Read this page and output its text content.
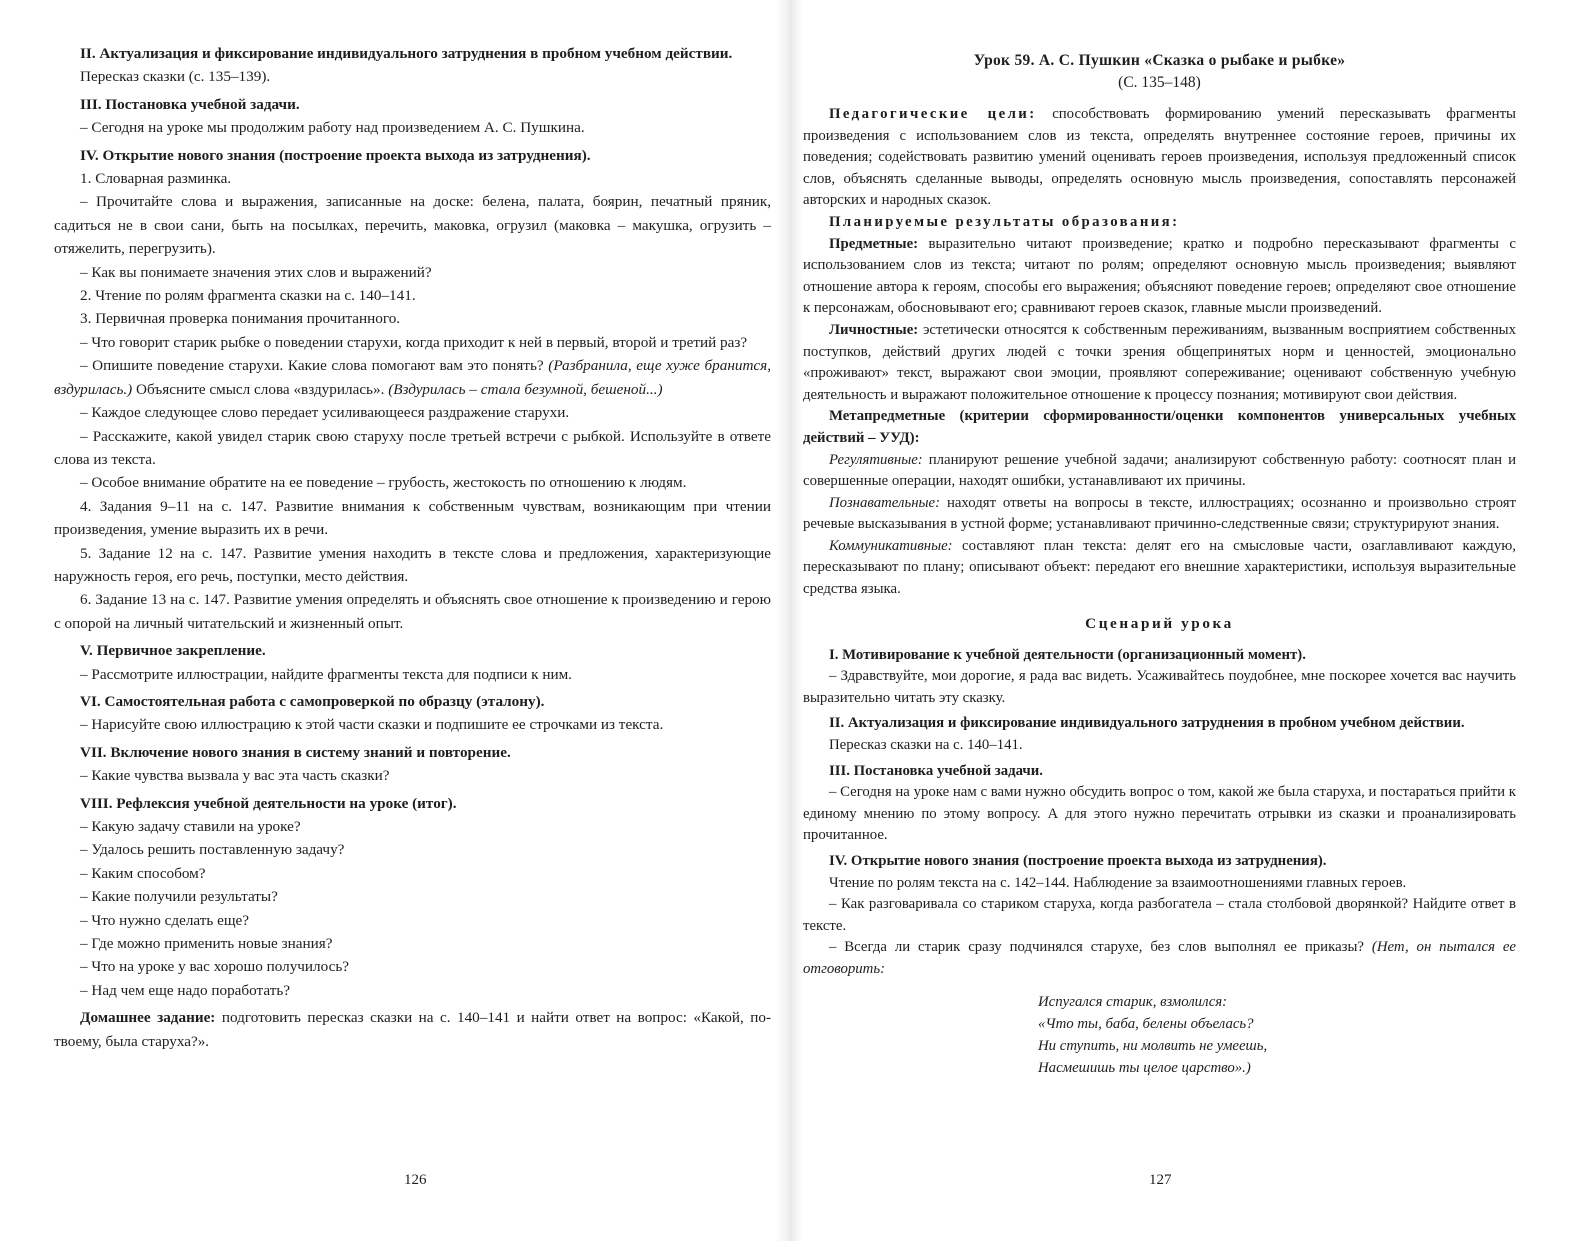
II. Актуализация и фиксирование индивидуального затруднения в пробном учебном действии.

Пересказ сказки (с. 135–139).

III. Постановка учебной задачи.

– Сегодня на уроке мы продолжим работу над произведением А. С. Пушкина.

IV. Открытие нового знания (построение проекта выхода из затруднения).

1. Словарная разминка.

– Прочитайте слова и выражения, записанные на доске: белена, палата, боярин, печатный пряник, садиться не в свои сани, быть на посылках, перечить, маковка, огрузил (маковка – макушка, огрузить – отяжелить, перегрузить).

– Как вы понимаете значения этих слов и выражений?

2. Чтение по ролям фрагмента сказки на с. 140–141.

3. Первичная проверка понимания прочитанного.

– Что говорит старик рыбке о поведении старухи, когда приходит к ней в первый, второй и третий раз?

– Опишите поведение старухи. Какие слова помогают вам это понять? (Разбранила, еще хуже бранится, вздурилась.) Объясните смысл слова «вздурилась». (Вздурилась – стала безумной, бешеной...)

– Каждое следующее слово передает усиливающееся раздражение старухи.

– Расскажите, какой увидел старик свою старуху после третьей встречи с рыбкой. Используйте в ответе слова из текста.

– Особое внимание обратите на ее поведение – грубость, жестокость по отношению к людям.

4. Задания 9–11 на с. 147. Развитие внимания к собственным чувствам, возникающим при чтении произведения, умение выразить их в речи.

5. Задание 12 на с. 147. Развитие умения находить в тексте слова и предложения, характеризующие наружность героя, его речь, поступки, место действия.

6. Задание 13 на с. 147. Развитие умения определять и объяснять свое отношение к произведению и герою с опорой на личный читательский и жизненный опыт.

V. Первичное закрепление.

– Рассмотрите иллюстрации, найдите фрагменты текста для подписи к ним.

VI. Самостоятельная работа с самопроверкой по образцу (эталону).

– Нарисуйте свою иллюстрацию к этой части сказки и подпишите ее строчками из текста.

VII. Включение нового знания в систему знаний и повторение.

– Какие чувства вызвала у вас эта часть сказки?

VIII. Рефлексия учебной деятельности на уроке (итог).

– Какую задачу ставили на уроке?

– Удалось решить поставленную задачу?

– Каким способом?

– Какие получили результаты?

– Что нужно сделать еще?

– Где можно применить новые знания?

– Что на уроке у вас хорошо получилось?

– Над чем еще надо поработать?

Домашнее задание: подготовить пересказ сказки на с. 140–141 и найти ответ на вопрос: «Какой, по-твоему, была старуха?».

126

Урок 59. А. С. Пушкин «Сказка о рыбаке и рыбке»

(С. 135–148)

Педагогические цели: способствовать формированию умений пересказывать фрагменты произведения с использованием слов из текста, определять внутреннее состояние героев, причины их поведения; содействовать развитию умений оценивать героев произведения, используя предложенный список слов, объяснять сделанные выводы, определять основную мысль произведения, сопоставлять персонажей авторских и народных сказок.

Планируемые результаты образования:

Предметные: выразительно читают произведение; кратко и подробно пересказывают фрагменты с использованием слов из текста; читают по ролям; определяют основную мысль произведения; выявляют отношение автора к героям, способы его выражения; объясняют поведение героев; определяют свое отношение к персонажам, обосновывают его; сравнивают героев сказок, главные мысли произведений.

Личностные: эстетически относятся к собственным переживаниям, вызванным восприятием собственных поступков, действий других людей с точки зрения общепринятых норм и ценностей, эмоционально «проживают» текст, выражают свои эмоции, проявляют сопереживание; оценивают собственную учебную деятельность и выражают положительное отношение к процессу познания; мотивируют свои действия.

Метапредметные (критерии сформированности/оценки компонентов универсальных учебных действий – УУД):

Регулятивные: планируют решение учебной задачи; анализируют собственную работу: соотносят план и совершенные операции, находят ошибки, устанавливают их причины.

Познавательные: находят ответы на вопросы в тексте, иллюстрациях; осознанно и произвольно строят речевые высказывания в устной форме; устанавливают причинно-следственные связи; структурируют знания.

Коммуникативные: составляют план текста: делят его на смысловые части, озаглавливают каждую, пересказывают по плану; описывают объект: передают его внешние характеристики, используя выразительные средства языка.

Сценарий урока

I. Мотивирование к учебной деятельности (организационный момент).

– Здравствуйте, мои дорогие, я рада вас видеть. Усаживайтесь поудобнее, мне поскорее хочется вас научить выразительно читать эту сказку.

II. Актуализация и фиксирование индивидуального затруднения в пробном учебном действии.

Пересказ сказки на с. 140–141.

III. Постановка учебной задачи.

– Сегодня на уроке нам с вами нужно обсудить вопрос о том, какой же была старуха, и постараться прийти к единому мнению по этому вопросу. А для этого нужно перечитать отрывки из сказки и проанализировать прочитанное.

IV. Открытие нового знания (построение проекта выхода из затруднения).

Чтение по ролям текста на с. 142–144. Наблюдение за взаимоотношениями главных героев.

– Как разговаривала со стариком старуха, когда разбогатела – стала столбовой дворянкой? Найдите ответ в тексте.

– Всегда ли старик сразу подчинялся старухе, без слов выполнял ее приказы? (Нет, он пытался ее отговорить:

Испугался старик, взмолился:

«Что ты, баба, белены объелась?

Ни ступить, ни молвить не умеешь,

Насмешишь ты целое царство».)

127
